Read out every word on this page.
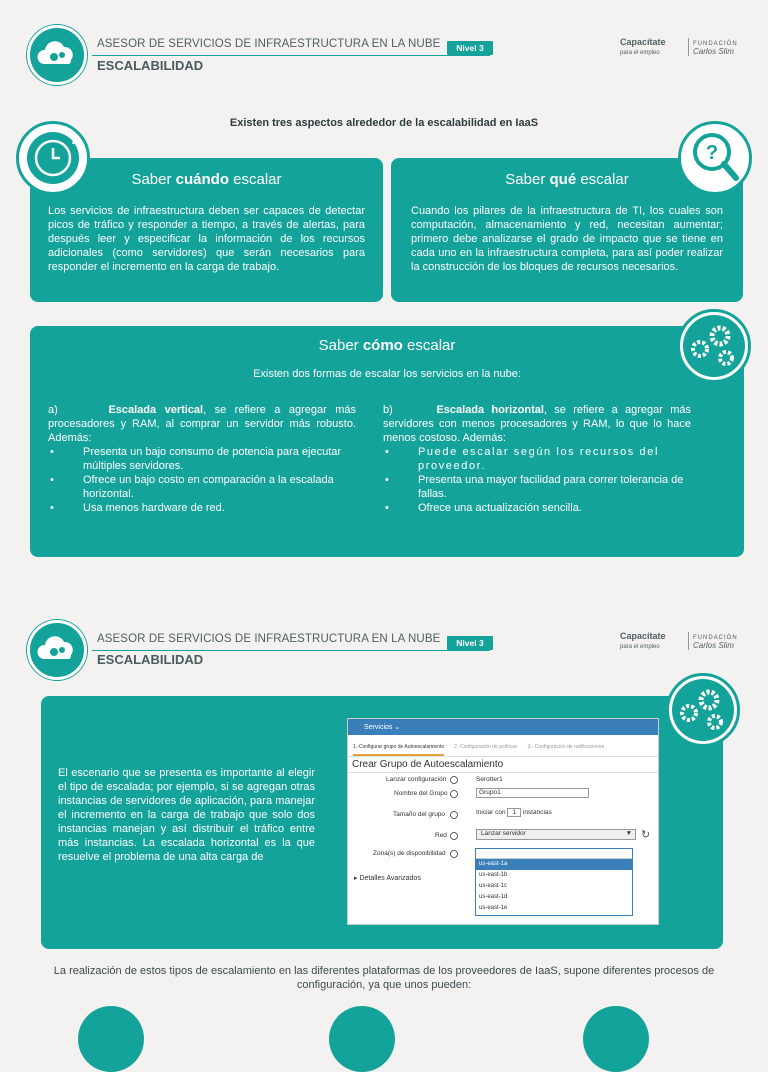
ASESOR DE SERVICIOS DE INFRAESTRUCTURA EN LA NUBE	Nivel 3
ESCALABILIDAD
Capacítate
para el empleo
FUNDACIÓN
Carlos Slim
Existen tres aspectos alrededor de la escalabilidad en IaaS
Saber cuándo escalar

Los servicios de infraestructura deben ser capaces de detectar picos de tráfico y responder a tiempo, a través de alertas, para después leer y especificar la información de los recursos adicionales (como servidores) que serán necesarios para responder el incremento en la carga de trabajo.

Saber qué escalar

Cuando los pilares de la infraestructura de TI, los cuales son computación, almacenamiento y red, necesitan aumentar; primero debe analizarse el grado de impacto que se tiene en cada uno en la infraestructura completa, para así poder realizar la construcción de los bloques de recursos necesarios.

?
Saber cómo escalar
Existen dos formas de escalar los servicios en la nube:

a)	Escalada vertical, se refiere a agregar más procesadores y RAM, al comprar un servidor más robusto. Además:

• Presenta un bajo consumo de potencia para ejecutar múltiples servidores.
• Ofrece un bajo costo en comparación a la escalada horizontal.
• Usa menos hardware de red.

b)	Escalada horizontal, se refiere a agregar más servidores con menos procesadores y RAM, lo que lo hace menos costoso. Además:

• Puede escalar según los recursos del proveedor.
• Presenta una mayor facilidad para correr tolerancia de fallas.
• Ofrece una actualización sencilla.
ASESOR DE SERVICIOS DE INFRAESTRUCTURA EN LA NUBE	Nivel 3
ESCALABILIDAD
Capacítate
para el empleo
FUNDACIÓN
Carlos Slim

El escenario que se presenta es importante al elegir el tipo de escalada; por ejemplo, si se agregan otras instancias de servidores de aplicación, para manejar el incremento en la carga de trabajo que solo dos instancias manejan y así distribuir el tráfico entre más instancias. La escalada horizontal es la que resuelve el problema de una alta carga de

Servicios ⌄
1.-Configurar grupo de Autoescalamiento 2.-Configuración de políticas 3.- Configuración de notificaciones
Crear Grupo de Autoescalamiento
Lanzar configuración	Serotter1
Nombre del Grupo	Grupo1
Tamaño del grupo	Iniciar con 1 instancias
Red	Lanzar servidor	▼ ↻
Zona(s) de disponibilidad
us-east-1a
us-east-1b
us-east-1c
us-east-1d
us-east-1e
▸ Detalles Avanzados
La realización de estos tipos de escalamiento en las diferentes plataformas de los proveedores de IaaS, supone diferentes procesos de configuración, ya que unos pueden:
